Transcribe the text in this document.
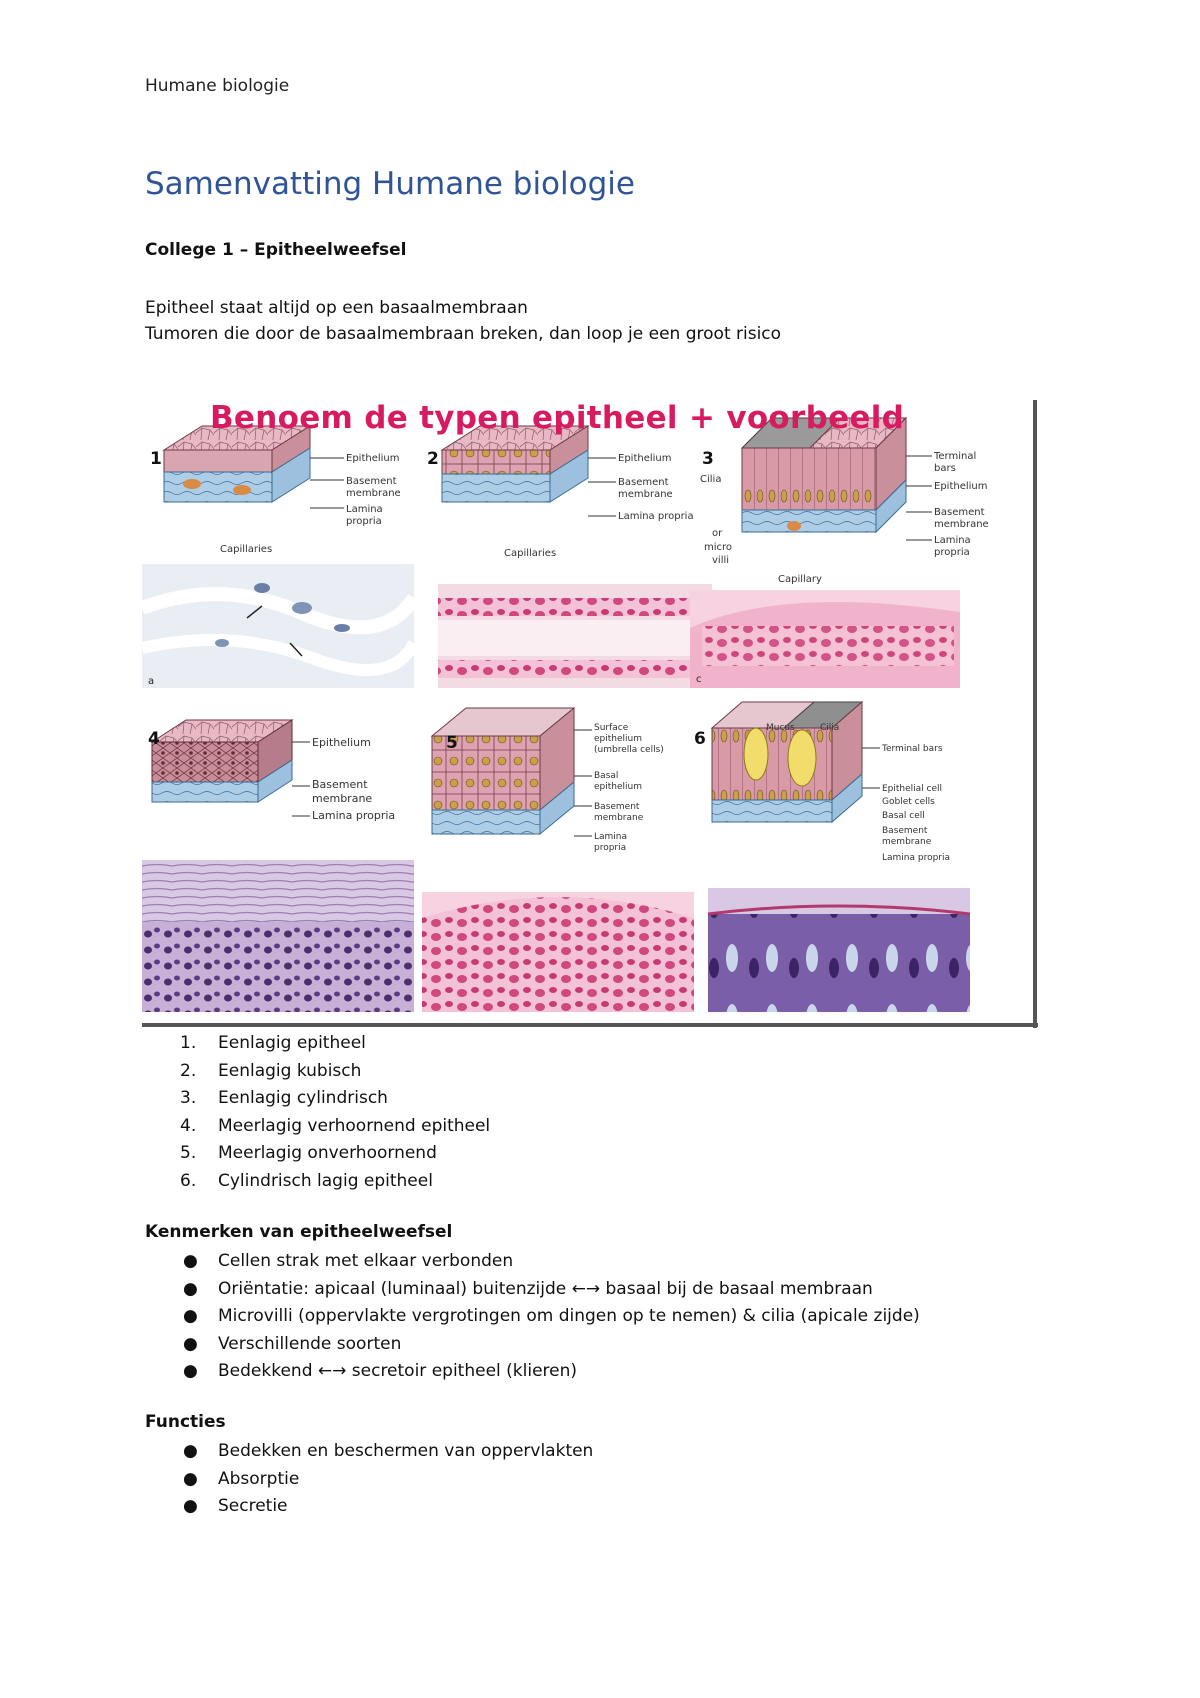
Humane biologie
Samenvatting Humane biologie
College 1 – Epitheelweefsel
Epitheel staat altijd op een basaalmembraan
Tumoren die door de basaalmembraan breken, dan loop je een groot risico
1	Epithelium
Basement
membrane
Lamina
propria
Capillaries
a
2	Epithelium
Basement
membrane
Lamina propria
Capillaries
3	Terminal
bars
Epithelium
Basement
membrane
Lamina
propria
Cilia
or
micro
villi
Capillary
c
4	Epithelium
Basement
membrane
Lamina propria
5
Surface
epithelium
(umbrella cells)
Basal
epithelium
Basement
membrane
Lamina
propria
6
Mucus	Cilia
Terminal bars
Epithelial cell
Goblet cells
Basal cell
Basement
membrane
Lamina propria
Benoem de typen epitheel + voorbeeld
1.	Eenlagig epitheel
2.	Eenlagig kubisch
3.	Eenlagig cylindrisch
4.	Meerlagig verhoornend epitheel
5.	Meerlagig onverhoornend
6.	Cylindrisch lagig epitheel
Kenmerken van epitheelweefsel
●	Cellen strak met elkaar verbonden
●	Oriëntatie: apicaal (luminaal) buitenzijde ←→ basaal bij de basaal membraan
●	Microvilli (oppervlakte vergrotingen om dingen op te nemen) & cilia (apicale zijde)
●	Verschillende soorten
●	Bedekkend ←→ secretoir epitheel (klieren)
Functies
●	Bedekken en beschermen van oppervlakten
●	Absorptie
●	Secretie
